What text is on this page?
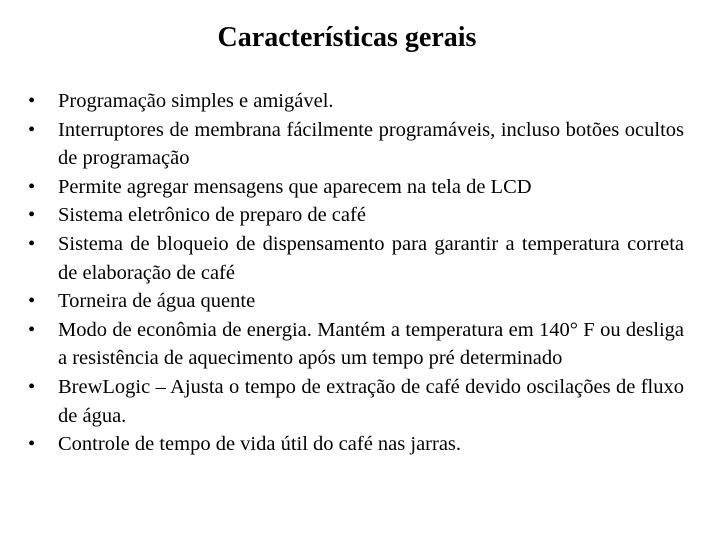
Características gerais
•	Programação simples e amigável.
•	Interruptores de membrana fácilmente programáveis, incluso botões ocultos de programação
•	Permite agregar mensagens que aparecem na tela de LCD
•	Sistema eletrônico de preparo de café
•	Sistema de bloqueio de dispensamento para garantir a temperatura correta de elaboração de café
•	Torneira de água quente
•	Modo de econômia de energia. Mantém a temperatura em 140° F ou desliga a resistência de aquecimento após um tempo pré determinado
•	BrewLogic – Ajusta o tempo de extração de café devido oscilações de fluxo de água.
•	Controle de tempo de vida útil do café nas jarras.
